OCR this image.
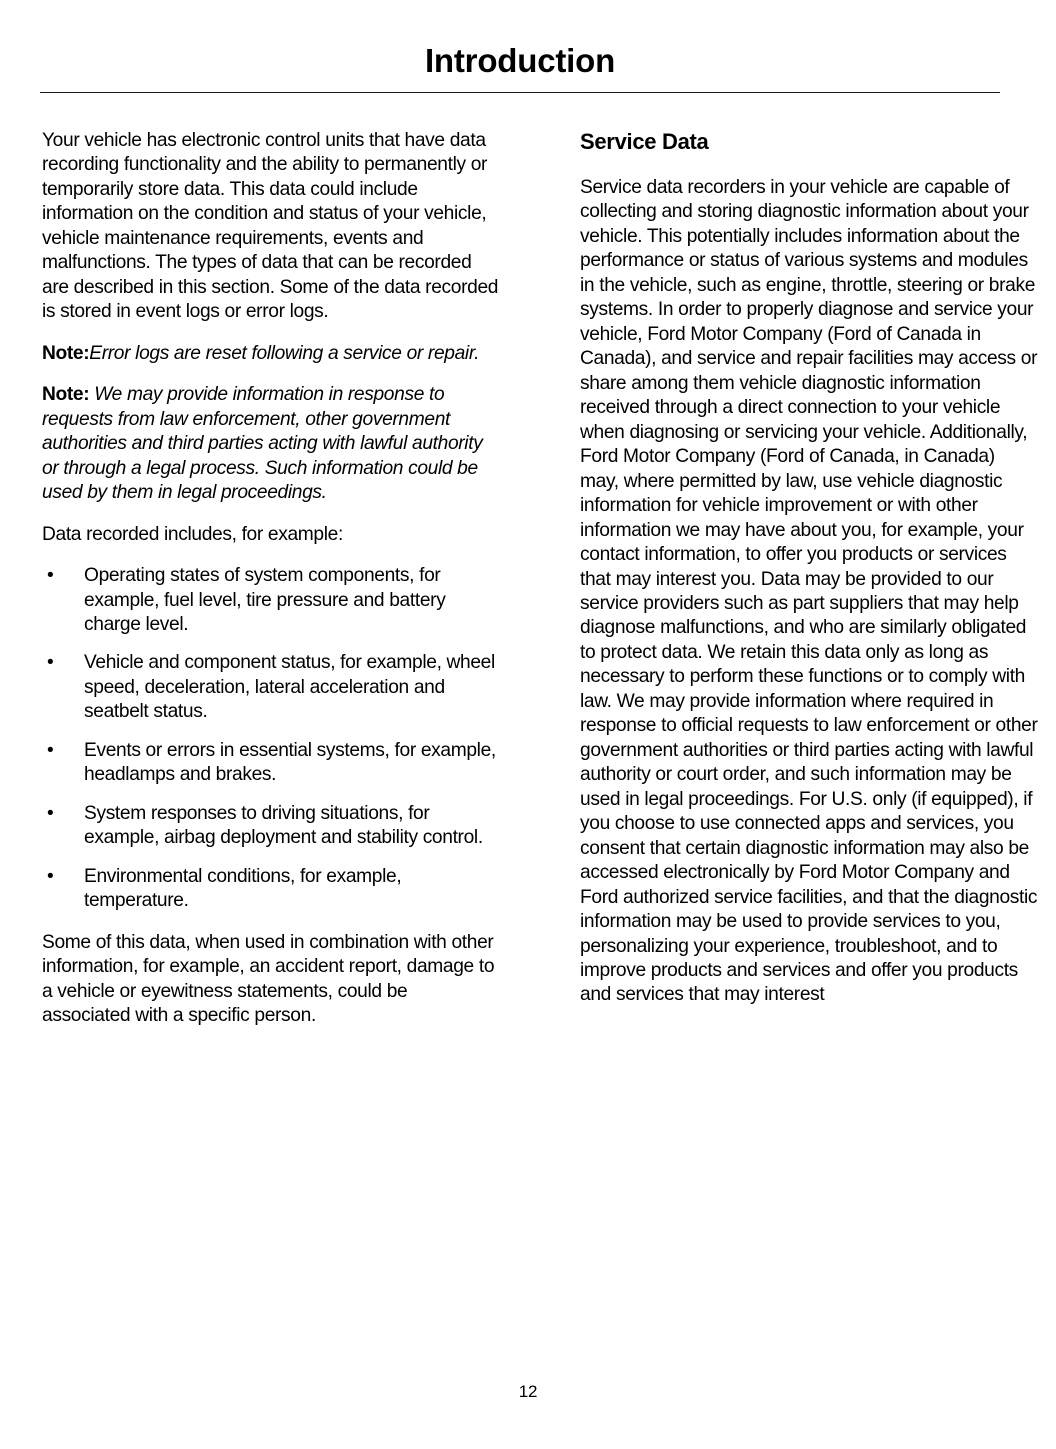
Introduction

Your vehicle has electronic control units that have data recording functionality and the ability to permanently or temporarily store data. This data could include information on the condition and status of your vehicle, vehicle maintenance requirements, events and malfunctions. The types of data that can be recorded are described in this section. Some of the data recorded is stored in event logs or error logs.

Note:Error logs are reset following a service or repair.
Note: We may provide information in response to requests from law enforcement, other government authorities and third parties acting with lawful authority or through a legal process. Such information could be used by them in legal proceedings.

Data recorded includes, for example:

• Operating states of system components, for example, fuel level, tire pressure and battery charge level.
• Vehicle and component status, for example, wheel speed, deceleration, lateral acceleration and seatbelt status.
• Events or errors in essential systems, for example, headlamps and brakes.
• System responses to driving situations, for example, airbag deployment and stability control.
• Environmental conditions, for example, temperature.

Some of this data, when used in combination with other information, for example, an accident report, damage to a vehicle or eyewitness statements, could be associated with a specific person.

Service Data

Service data recorders in your vehicle are capable of collecting and storing diagnostic information about your vehicle. This potentially includes information about the performance or status of various systems and modules in the vehicle, such as engine, throttle, steering or brake systems. In order to properly diagnose and service your vehicle, Ford Motor Company (Ford of Canada in Canada), and service and repair facilities may access or share among them vehicle diagnostic information received through a direct connection to your vehicle when diagnosing or servicing your vehicle. Additionally, Ford Motor Company (Ford of Canada, in Canada) may, where permitted by law, use vehicle diagnostic information for vehicle improvement or with other information we may have about you, for example, your contact information, to offer you products or services that may interest you. Data may be provided to our service providers such as part suppliers that may help diagnose malfunctions, and who are similarly obligated to protect data. We retain this data only as long as necessary to perform these functions or to comply with law. We may provide information where required in response to official requests to law enforcement or other government authorities or third parties acting with lawful authority or court order, and such information may be used in legal proceedings. For U.S. only (if equipped), if you choose to use connected apps and services, you consent that certain diagnostic information may also be accessed electronically by Ford Motor Company and Ford authorized service facilities, and that the diagnostic information may be used to provide services to you, personalizing your experience, troubleshoot, and to improve products and services and offer you products and services that may interest

12
